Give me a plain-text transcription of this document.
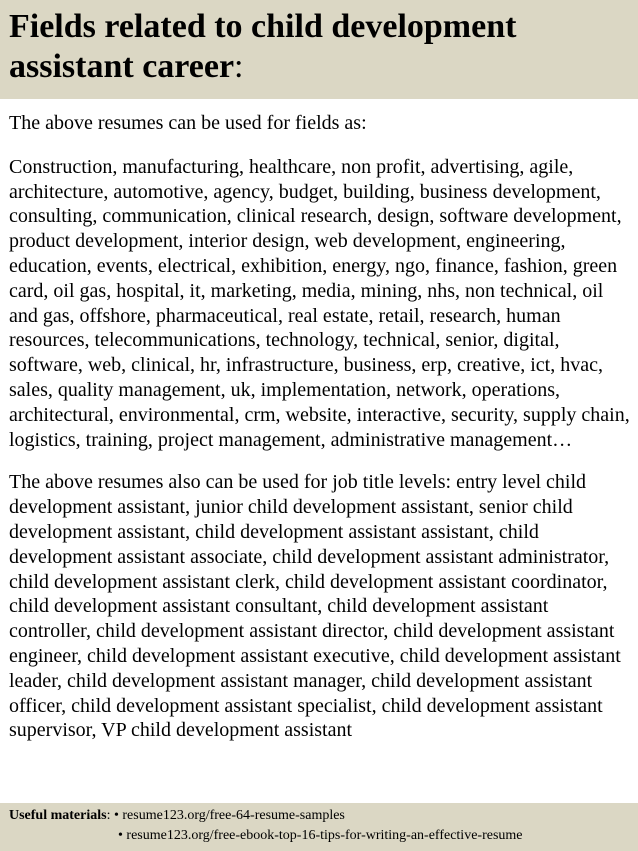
Fields related to child development assistant career:

The above resumes can be used for fields as:

Construction, manufacturing, healthcare, non profit, advertising, agile, architecture, automotive, agency, budget, building, business development, consulting, communication, clinical research, design, software development, product development, interior design, web development, engineering, education, events, electrical, exhibition, energy, ngo, finance, fashion, green card, oil gas, hospital, it, marketing, media, mining, nhs, non technical, oil and gas, offshore, pharmaceutical, real estate, retail, research, human resources, telecommunications, technology, technical, senior, digital, software, web, clinical, hr, infrastructure, business, erp, creative, ict, hvac, sales, quality management, uk, implementation, network, operations, architectural, environmental, crm, website, interactive, security, supply chain, logistics, training, project management, administrative management…

The above resumes also can be used for job title levels: entry level child development assistant, junior child development assistant, senior child development assistant, child development assistant assistant, child development assistant associate, child development assistant administrator, child development assistant clerk, child development assistant coordinator, child development assistant consultant, child development assistant controller, child development assistant director, child development assistant engineer, child development assistant executive, child development assistant leader, child development assistant manager, child development assistant officer, child development assistant specialist, child development assistant supervisor, VP child development assistant

Useful materials: • resume123.org/free-64-resume-samples
• resume123.org/free-ebook-top-16-tips-for-writing-an-effective-resume
